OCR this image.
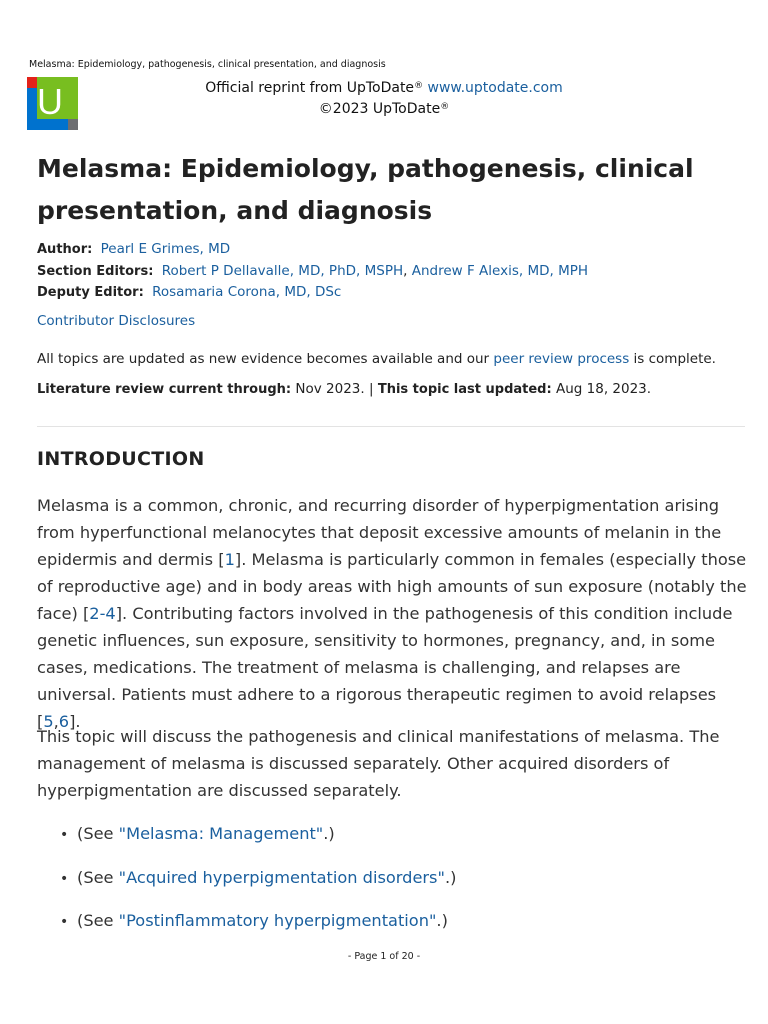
Melasma: Epidemiology, pathogenesis, clinical presentation, and diagnosis
U	Official reprint from UpToDate® www.uptodate.com
©2023 UpToDate®
Melasma: Epidemiology, pathogenesis, clinical presentation, and diagnosis
Author: Pearl E Grimes, MD
Section Editors: Robert P Dellavalle, MD, PhD, MSPH, Andrew F Alexis, MD, MPH
Deputy Editor: Rosamaria Corona, MD, DSc
Contributor Disclosures
All topics are updated as new evidence becomes available and our peer review process is complete.
Literature review current through: Nov 2023. | This topic last updated: Aug 18, 2023.
INTRODUCTION

Melasma is a common, chronic, and recurring disorder of hyperpigmentation arising from hyperfunctional melanocytes that deposit excessive amounts of melanin in the epidermis and dermis [1]. Melasma is particularly common in females (especially those of reproductive age) and in body areas with high amounts of sun exposure (notably the face) [2-4]. Contributing factors involved in the pathogenesis of this condition include genetic influences, sun exposure, sensitivity to hormones, pregnancy, and, in some cases, medications. The treatment of melasma is challenging, and relapses are universal. Patients must adhere to a rigorous therapeutic regimen to avoid relapses [5,6].

This topic will discuss the pathogenesis and clinical manifestations of melasma. The management of melasma is discussed separately. Other acquired disorders of hyperpigmentation are discussed separately.

• (See "Melasma: Management".)
• (See "Acquired hyperpigmentation disorders".)
• (See "Postinflammatory hyperpigmentation".)
- Page 1 of 20 -
